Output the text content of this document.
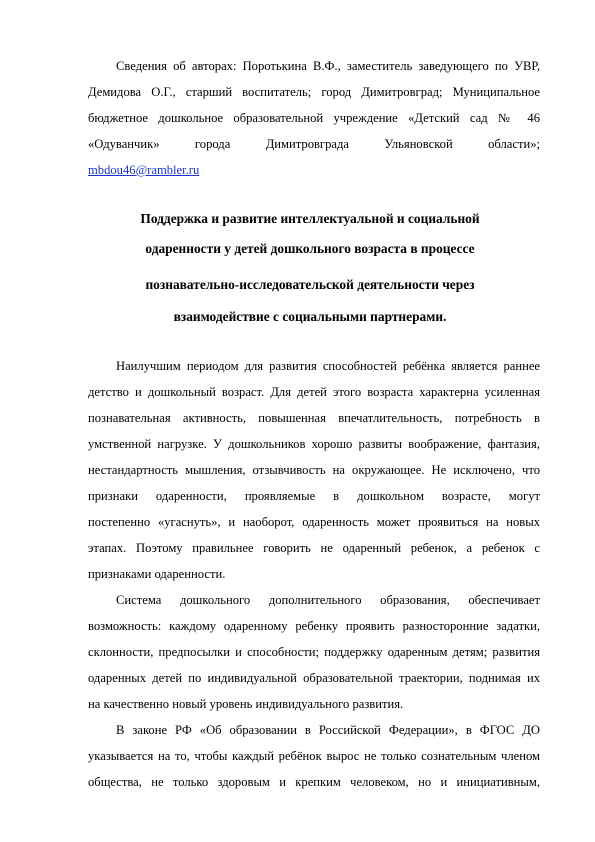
Сведения об авторах: Поротькина В.Ф., заместитель заведующего по УВР,
Демидова О.Г., старший воспитатель; город Димитровград; Муниципальное
бюджетное дошкольное образовательной учреждение «Детский сад № 46
«Одуванчик» города Димитровграда Ульяновской области»;
mbdou46@rambler.ru
Поддержка и развитие интеллектуальной и социальной
одаренности у детей дошкольного возраста в процессе
познавательно-исследовательской деятельности через
взаимодействие с социальными партнерами.
Наилучшим периодом для развития способностей ребёнка является раннее
детство и дошкольный возраст. Для детей этого возраста характерна усиленная
познавательная активность, повышенная впечатлительность, потребность в
умственной нагрузке. У дошкольников хорошо развиты воображение, фантазия,
нестандартность мышления, отзывчивость на окружающее. Не исключено, что
признаки одаренности, проявляемые в дошкольном возрасте, могут
постепенно «угаснуть», и наоборот, одаренность может проявиться на новых
этапах. Поэтому правильнее говорить не одаренный ребенок, а ребенок с
признаками одаренности.
Система дошкольного дополнительного образования, обеспечивает
возможность: каждому одаренному ребенку проявить разносторонние задатки,
склонности, предпосылки и способности; поддержку одаренным детям; развития
одаренных детей по индивидуальной образовательной траектории, поднимая их
на качественно новый уровень индивидуального развития.
В законе РФ «Об образовании в Российской Федерации», в ФГОС ДО
указывается на то, чтобы каждый ребёнок вырос не только сознательным членом
общества, не только здоровым и крепким человеком, но и инициативным,
